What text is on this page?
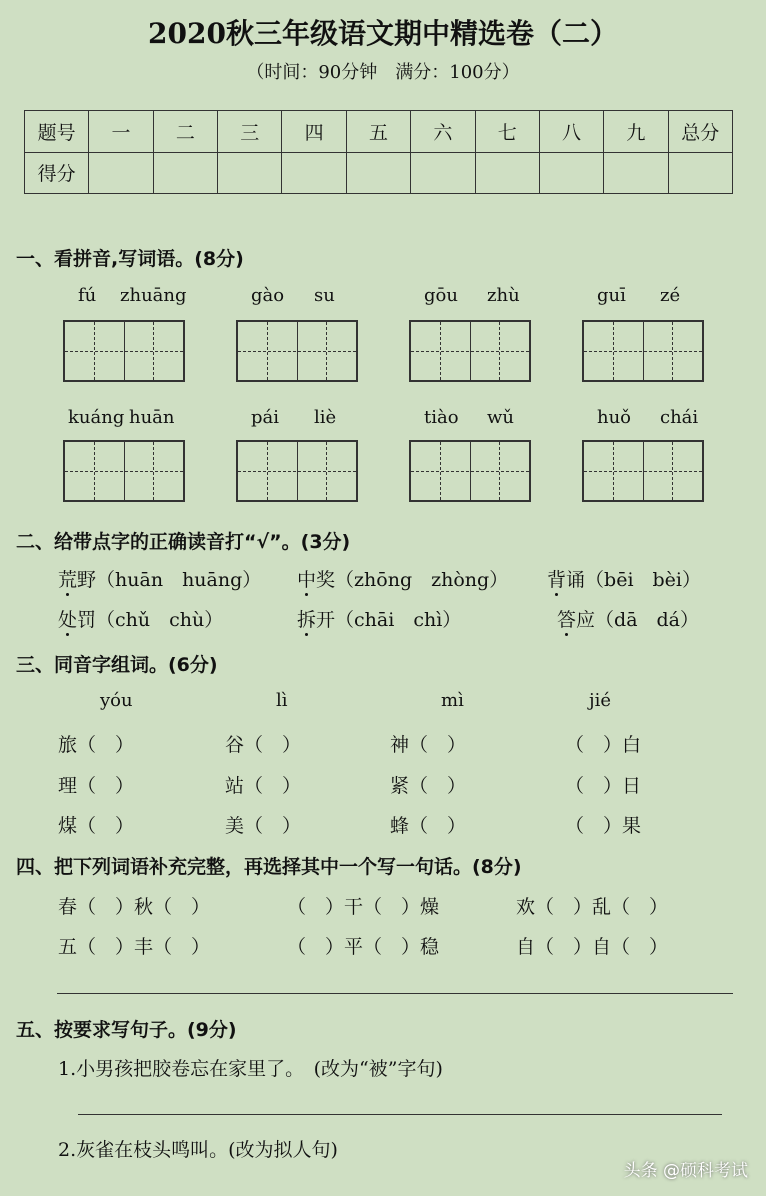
2020秋三年级语文期中精选卷（二）
（时间：90分钟　满分：100分）
题号	一	二	三	四	五	六	七	八	九	总分
得分										
一、看拼音,写词语。(8分)
fú zhuāng	gào su	gōu zhù	guī zé
kuáng huān	pái liè	tiào wǔ	huǒ chái
二、给带点字的正确读音打“√”。(3分)
荒野（huān　huāng） 中奖（zhōng　zhòng） 背诵（bēi　bèi）
处罚（chǔ　chù）	拆开（chāi　chì）	答应（dā　dá）
三、同音字组词。(6分)
yóu	lì	mì	jié
旅（　）	谷（　）	神（　）	（　）白
理（　）	站（　）	紧（　）	（　）日
煤（　）	美（　）	蜂（　）	（　）果
四、把下列词语补充完整，再选择其中一个写一句话。(8分)
春（　）秋（　）	（　）干（　）燥	欢（　）乱（　）
五（　）丰（　）	（　）平（　）稳	自（　）自（　）
五、按要求写句子。(9分)
1.小男孩把胶卷忘在家里了。　(改为“被”字句)
2.灰雀在枝头鸣叫。(改为拟人句)
头条 @硕科考试
